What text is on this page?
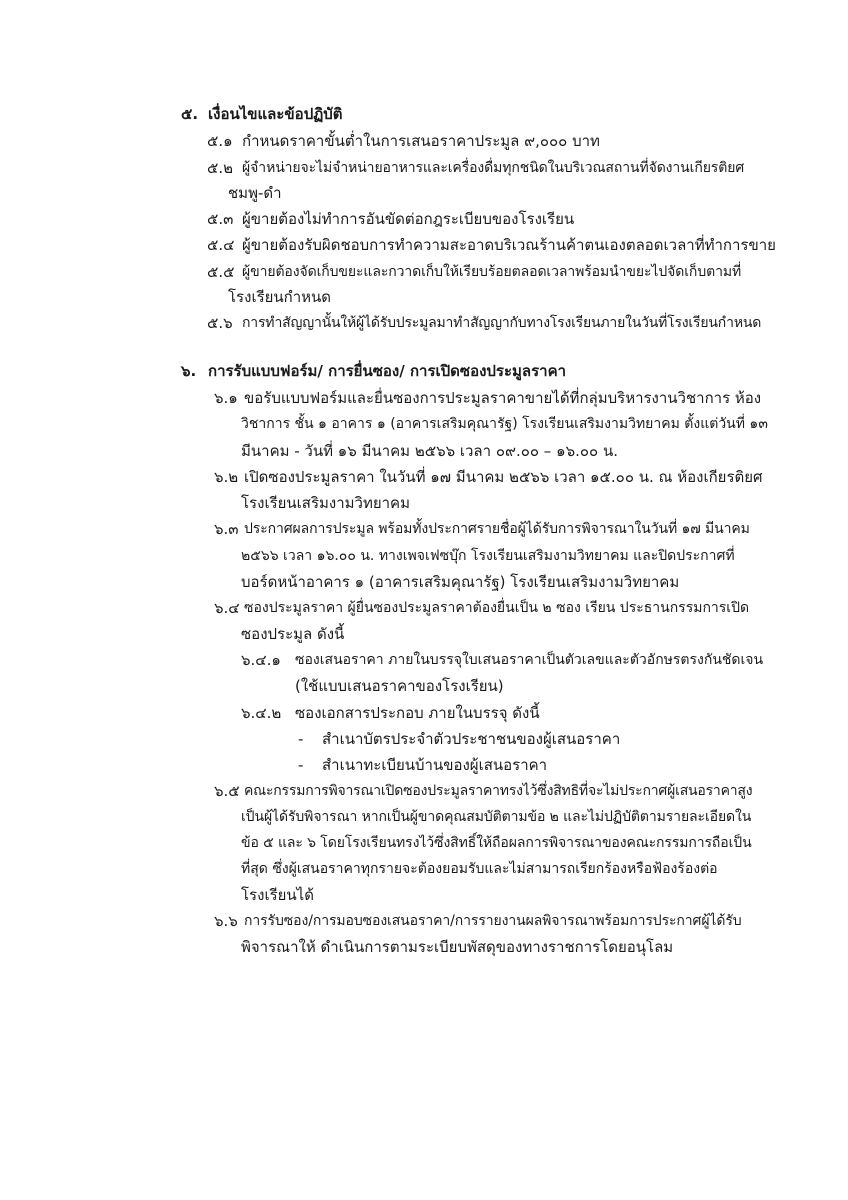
๕. เงื่อนไขและข้อปฏิบัติ
๕.๑ กำหนดราคาขั้นต่ำในการเสนอราคาประมูล ๙,๐๐๐ บาท
๕.๒ ผู้จำหน่ายจะไม่จำหน่ายอาหารและเครื่องดื่มทุกชนิดในบริเวณสถานที่จัดงานเกียรติยศ
ชมพู-ดำ
๕.๓ ผู้ขายต้องไม่ทำการอันขัดต่อกฎระเบียบของโรงเรียน
๕.๔ ผู้ขายต้องรับผิดชอบการทำความสะอาดบริเวณร้านค้าตนเองตลอดเวลาที่ทำการขาย
๕.๕ ผู้ขายต้องจัดเก็บขยะและกวาดเก็บให้เรียบร้อยตลอดเวลาพร้อมนำขยะไปจัดเก็บตามที่
โรงเรียนกำหนด
๕.๖ การทำสัญญานั้นให้ผู้ได้รับประมูลมาทำสัญญากับทางโรงเรียนภายในวันที่โรงเรียนกำหนด
๖. การรับแบบฟอร์ม/ การยื่นซอง/ การเปิดซองประมูลราคา
๖.๑ ขอรับแบบฟอร์มและยื่นซองการประมูลราคาขายได้ที่กลุ่มบริหารงานวิชาการ ห้อง
วิชาการ ชั้น ๑ อาคาร ๑ (อาคารเสริมคุณารัฐ) โรงเรียนเสริมงามวิทยาคม ตั้งแต่วันที่ ๑๓
มีนาคม - วันที่ ๑๖ มีนาคม ๒๕๖๖ เวลา ๐๙.๐๐ – ๑๖.๐๐ น.
๖.๒ เปิดซองประมูลราคา ในวันที่ ๑๗ มีนาคม ๒๕๖๖ เวลา ๑๕.๐๐ น. ณ ห้องเกียรติยศ
โรงเรียนเสริมงามวิทยาคม
๖.๓ ประกาศผลการประมูล พร้อมทั้งประกาศรายชื่อผู้ได้รับการพิจารณาในวันที่ ๑๗ มีนาคม
๒๕๖๖ เวลา ๑๖.๐๐ น. ทางเพจเฟซบุ๊ก โรงเรียนเสริมงามวิทยาคม และปิดประกาศที่
บอร์ดหน้าอาคาร ๑ (อาคารเสริมคุณารัฐ) โรงเรียนเสริมงามวิทยาคม
๖.๔ ซองประมูลราคา ผู้ยื่นซองประมูลราคาต้องยื่นเป็น ๒ ซอง เรียน ประธานกรรมการเปิด
ซองประมูล ดังนี้
๖.๔.๑ ซองเสนอราคา ภายในบรรจุใบเสนอราคาเป็นตัวเลขและตัวอักษรตรงกันชัดเจน
(ใช้แบบเสนอราคาของโรงเรียน)
๖.๔.๒ ซองเอกสารประกอบ ภายในบรรจุ ดังนี้
- สำเนาบัตรประจำตัวประชาชนของผู้เสนอราคา
- สำเนาทะเบียนบ้านของผู้เสนอราคา
๖.๕ คณะกรรมการพิจารณาเปิดซองประมูลราคาทรงไว้ซึ่งสิทธิที่จะไม่ประกาศผู้เสนอราคาสูง
เป็นผู้ได้รับพิจารณา หากเป็นผู้ขาดคุณสมบัติตามข้อ ๒ และไม่ปฏิบัติตามรายละเอียดใน
ข้อ ๕ และ ๖ โดยโรงเรียนทรงไว้ซึ่งสิทธิ์ให้ถือผลการพิจารณาของคณะกรรมการถือเป็น
ที่สุด ซึ่งผู้เสนอราคาทุกรายจะต้องยอมรับและไม่สามารถเรียกร้องหรือฟ้องร้องต่อ
โรงเรียนได้
๖.๖ การรับซอง/การมอบซองเสนอราคา/การรายงานผลพิจารณาพร้อมการประกาศผู้ได้รับ
พิจารณาให้ ดำเนินการตามระเบียบพัสดุของทางราชการโดยอนุโลม
